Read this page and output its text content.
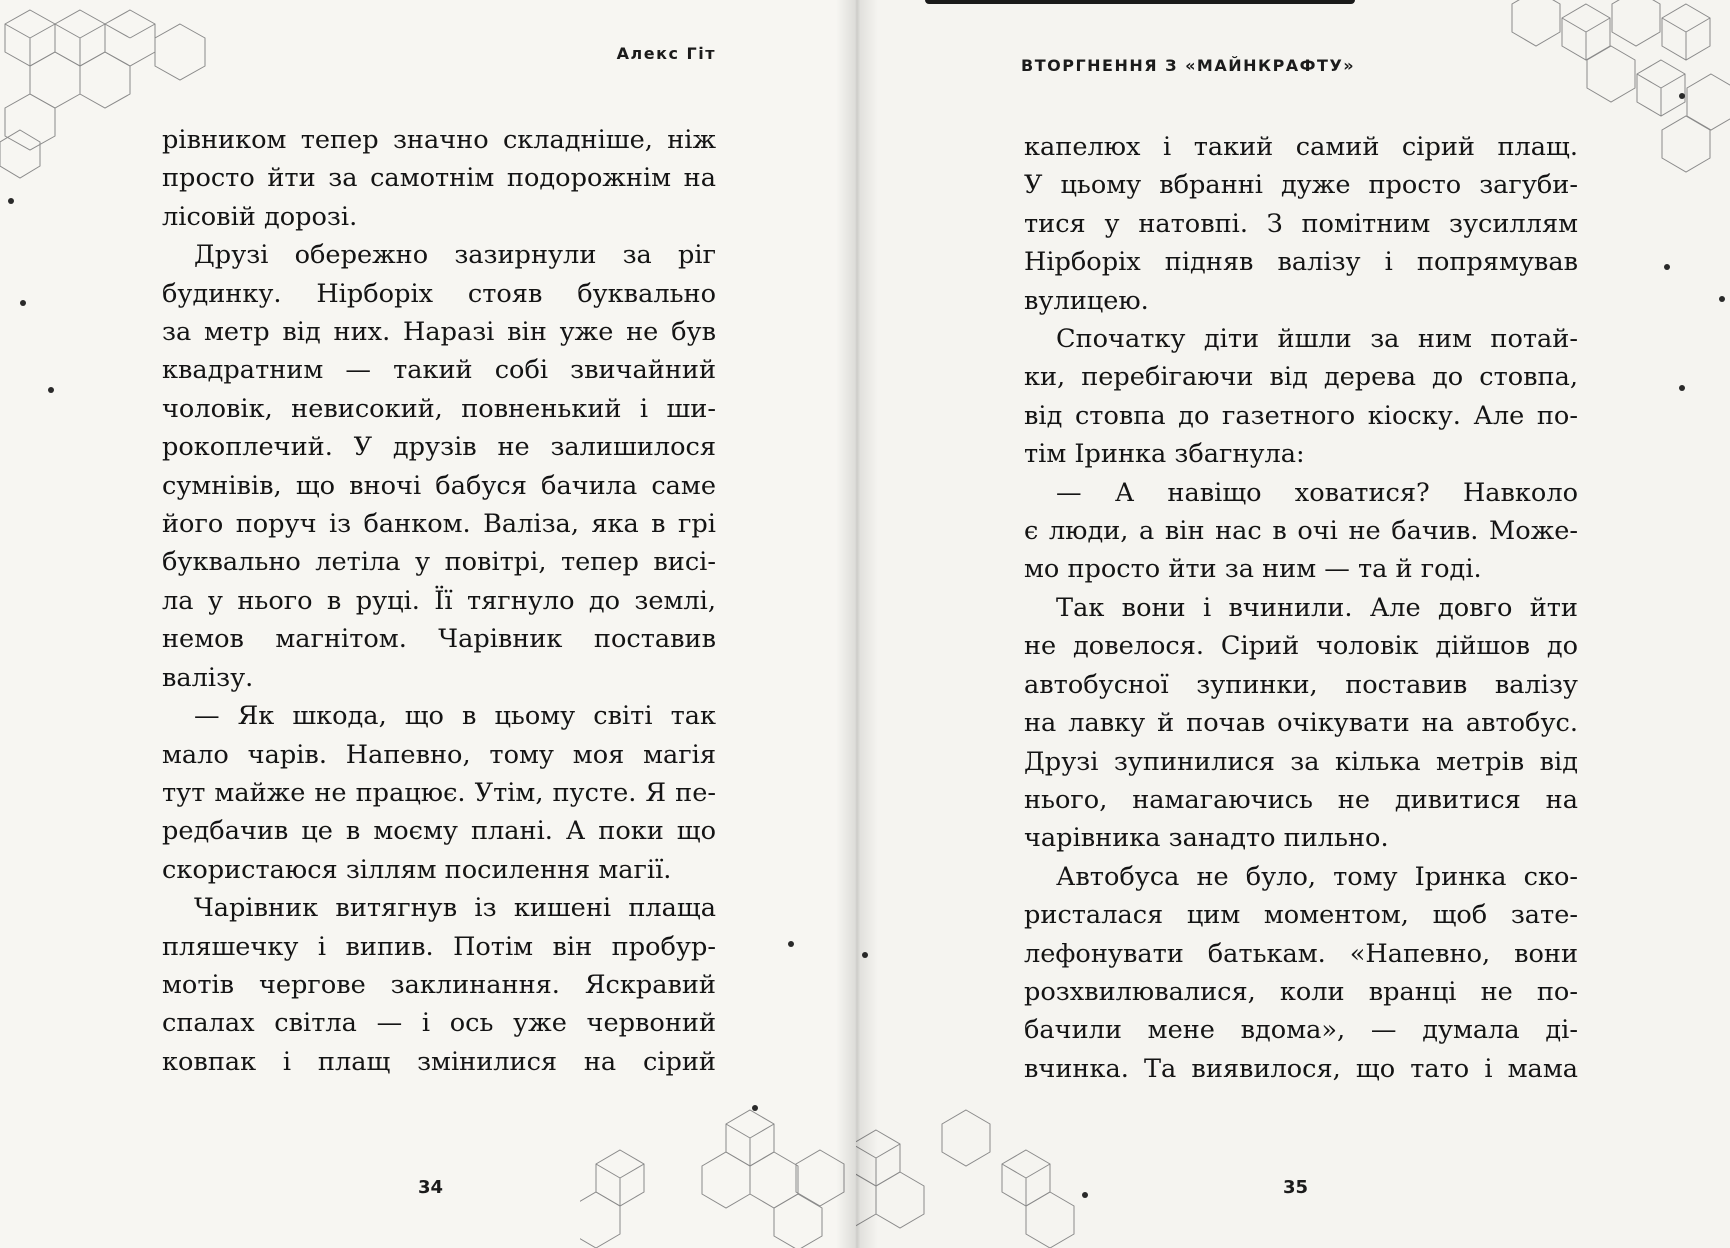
Алекс Гіт

рівником тепер значно складніше, ніж

просто йти за самотнім подорожнім на

лісовій дорозі.

Друзі обережно зазирнули за ріг

будинку. Нірборіх стояв буквально

за метр від них. Наразі він уже не був

квадратним — такий собі звичайний

чоловік, невисокий, повненький і ши-

рокоплечий. У друзів не залишилося

сумнівів, що вночі бабуся бачила саме

його поруч із банком. Валіза, яка в грі

буквально летіла у повітрі, тепер висі-

ла у нього в руці. Її тягнуло до землі,

немов магнітом. Чарівник поставив

валізу.

— Як шкода, що в цьому світі так

мало чарів. Напевно, тому моя магія

тут майже не працює. Утім, пусте. Я пе-

редбачив це в моєму плані. А поки що

скористаюся зіллям посилення магії.

Чарівник витягнув із кишені плаща

пляшечку і випив. Потім він пробур-

мотів чергове заклинання. Яскравий

спалах світла — і ось уже червоний

ковпак і плащ змінилися на сірий

34
ВТОРГНЕННЯ З «МАЙНКРАФТУ»

капелюх і такий самий сірий плащ.

У цьому вбранні дуже просто загуби-

тися у натовпі. З помітним зусиллям

Нірборіх підняв валізу і попрямував

вулицею.

Спочатку діти йшли за ним потай-

ки, перебігаючи від дерева до стовпа,

від стовпа до газетного кіоску. Але по-

тім Іринка збагнула:

— А навіщо ховатися? Навколо

є люди, а він нас в очі не бачив. Може-

мо просто йти за ним — та й годі.

Так вони і вчинили. Але довго йти

не довелося. Сірий чоловік дійшов до

автобусної зупинки, поставив валізу

на лавку й почав очікувати на автобус.

Друзі зупинилися за кілька метрів від

нього, намагаючись не дивитися на

чарівника занадто пильно.

Автобуса не було, тому Іринка ско-

ристалася цим моментом, щоб зате-

лефонувати батькам. «Напевно, вони

розхвилювалися, коли вранці не по-

бачили мене вдома», — думала ді-

вчинка. Та виявилося, що тато і мама

35
